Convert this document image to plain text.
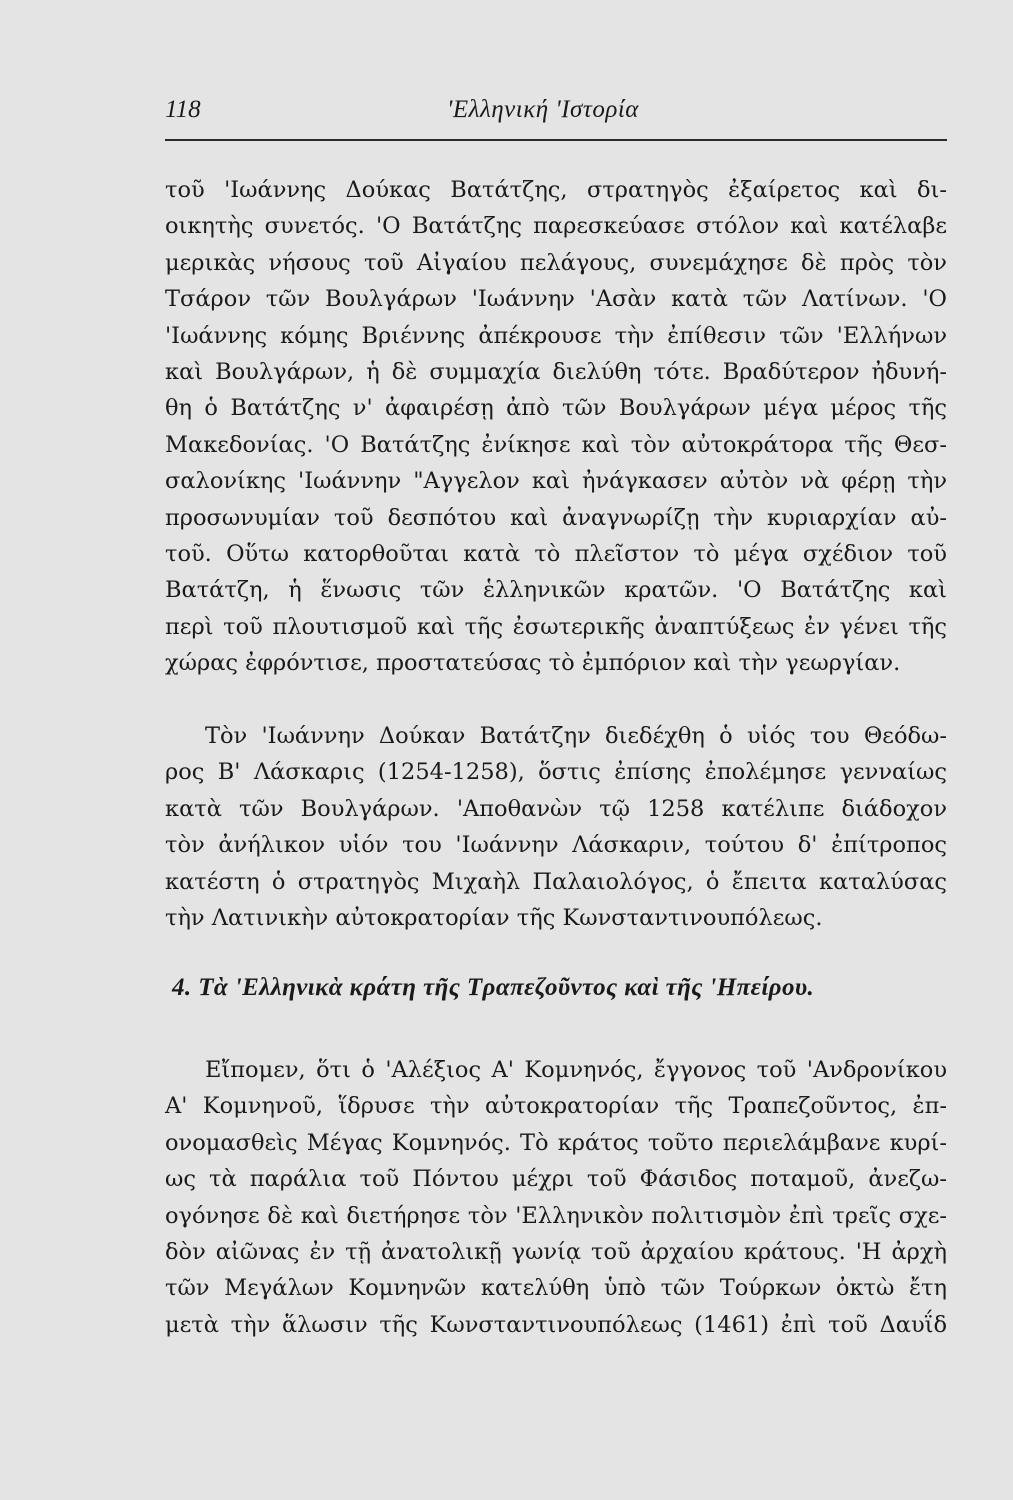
118	'Ελληνική 'Ιστορία
τοῦ 'Ιωάννης Δούκας Βατάτζης, στρατηγὸς ἐξαίρετος καὶ δι-
οικητὴς συνετός. 'Ο Βατάτζης παρεσκεύασε στόλον καὶ κατέλαβε
μερικὰς νήσους τοῦ Αἰγαίου πελάγους, συνεμάχησε δὲ πρὸς τὸν
Τσάρον τῶν Βουλγάρων 'Ιωάννην 'Ασὰν κατὰ τῶν Λατίνων. 'Ο
'Ιωάννης κόμης Βριέννης ἀπέκρουσε τὴν ἐπίθεσιν τῶν 'Ελλήνων
καὶ Βουλγάρων, ἡ δὲ συμμαχία διελύθη τότε. Βραδύτερον ἠδυνή-
θη ὁ Βατάτζης ν' ἀφαιρέσῃ ἀπὸ τῶν Βουλγάρων μέγα μέρος τῆς
Μακεδονίας. 'Ο Βατάτζης ἐνίκησε καὶ τὸν αὐτοκράτορα τῆς Θεσ-
σαλονίκης 'Ιωάννην "Αγγελον καὶ ἠνάγκασεν αὐτὸν νὰ φέρῃ τὴν
προσωνυμίαν τοῦ δεσπότου καὶ ἀναγνωρίζῃ τὴν κυριαρχίαν αὐ-
τοῦ. Οὕτω κατορθοῦται κατὰ τὸ πλεῖστον τὸ μέγα σχέδιον τοῦ
Βατάτζη, ἡ ἕνωσις τῶν ἑλληνικῶν κρατῶν. 'Ο Βατάτζης καὶ
περὶ τοῦ πλουτισμοῦ καὶ τῆς ἐσωτερικῆς ἀναπτύξεως ἐν γένει τῆς
χώρας ἐφρόντισε, προστατεύσας τὸ ἐμπόριον καὶ τὴν γεωργίαν.
Τὸν 'Ιωάννην Δούκαν Βατάτζην διεδέχθη ὁ υἱός του Θεόδω-
ρος Β' Λάσκαρις (1254-1258), ὅστις ἐπίσης ἐπολέμησε γενναίως
κατὰ τῶν Βουλγάρων. 'Αποθανὼν τῷ 1258 κατέλιπε διάδοχον
τὸν ἀνήλικον υἱόν του 'Ιωάννην Λάσκαριν, τούτου δ' ἐπίτροπος
κατέστη ὁ στρατηγὸς Μιχαὴλ Παλαιολόγος, ὁ ἔπειτα καταλύσας
τὴν Λατινικὴν αὐτοκρατορίαν τῆς Κωνσταντινουπόλεως.
4. Τὰ 'Ελληνικὰ κράτη τῆς Τραπεζοῦντος καὶ τῆς 'Ηπείρου.
Εἴπομεν, ὅτι ὁ 'Αλέξιος Α' Κομνηνός, ἔγγονος τοῦ 'Ανδρονίκου
Α' Κομνηνοῦ, ἵδρυσε τὴν αὐτοκρατορίαν τῆς Τραπεζοῦντος, ἐπ-
ονομασθεὶς Μέγας Κομνηνός. Τὸ κράτος τοῦτο περιελάμβανε κυρί-
ως τὰ παράλια τοῦ Πόντου μέχρι τοῦ Φάσιδος ποταμοῦ, ἀνεζω-
ογόνησε δὲ καὶ διετήρησε τὸν 'Ελληνικὸν πολιτισμὸν ἐπὶ τρεῖς σχε-
δὸν αἰῶνας ἐν τῇ ἀνατολικῇ γωνίᾳ τοῦ ἀρχαίου κράτους. 'Η ἀρχὴ
τῶν Μεγάλων Κομνηνῶν κατελύθη ὑπὸ τῶν Τούρκων ὀκτὼ ἔτη
μετὰ τὴν ἅλωσιν τῆς Κωνσταντινουπόλεως (1461) ἐπὶ τοῦ Δαυΐδ
